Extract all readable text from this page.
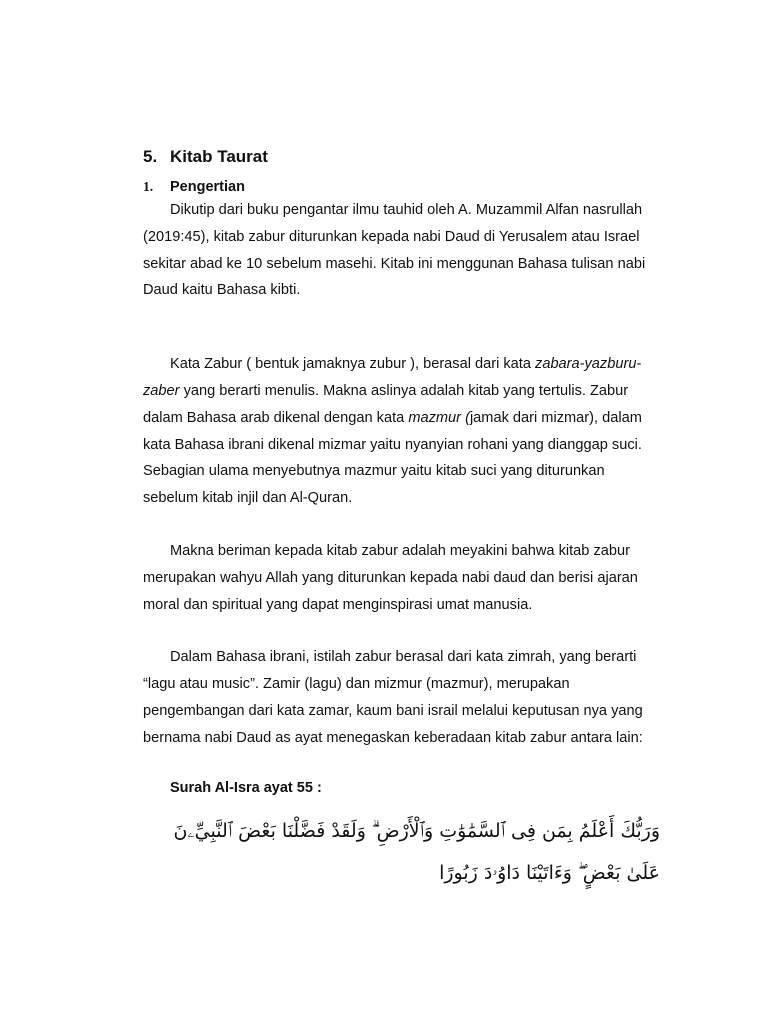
5. Kitab Taurat
1.	Pengertian

Dikutip dari buku pengantar ilmu tauhid oleh A. Muzammil Alfan nasrullah (2019:45), kitab zabur diturunkan kepada nabi Daud di Yerusalem atau Israel sekitar abad ke 10 sebelum masehi. Kitab ini menggunan Bahasa tulisan nabi Daud kaitu Bahasa kibti.

Kata Zabur ( bentuk jamaknya zubur ), berasal dari kata zabara-yazburu-zaber yang berarti menulis. Makna aslinya adalah kitab yang tertulis. Zabur dalam Bahasa arab dikenal dengan kata mazmur (jamak dari mizmar), dalam kata Bahasa ibrani dikenal mizmar yaitu nyanyian rohani yang dianggap suci. Sebagian ulama menyebutnya mazmur yaitu kitab suci yang diturunkan sebelum kitab injil dan Al-Quran.

Makna beriman kepada kitab zabur adalah meyakini bahwa kitab zabur merupakan wahyu Allah yang diturunkan kepada nabi daud dan berisi ajaran moral dan spiritual yang dapat menginspirasi umat manusia.

Dalam Bahasa ibrani, istilah zabur berasal dari kata zimrah, yang berarti “lagu atau music”. Zamir (lagu) dan mizmur (mazmur), merupakan pengembangan dari kata zamar, kaum bani israil melalui keputusan nya yang bernama nabi Daud as ayat menegaskan keberadaan kitab zabur antara lain:

Surah Al-Isra ayat 55 :
وَرَبُّكَ أَعْلَمُ بِمَن فِى ٱلسَّمَٰوَٰتِ وَٱلْأَرْضِ ۗ وَلَقَدْ فَضَّلْنَا بَعْضَ ٱلنَّبِيِّۦنَ عَلَىٰ بَعْضٍ ۖ وَءَاتَيْنَا دَاوُۥدَ زَبُورًا
